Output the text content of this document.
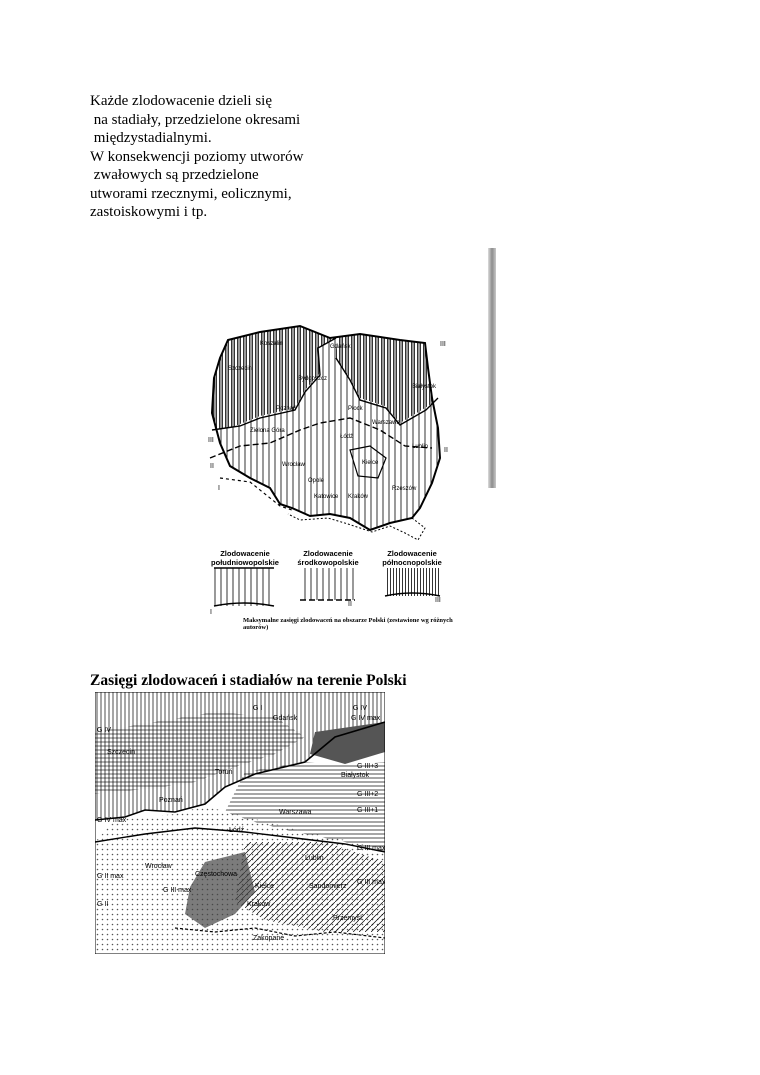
Każde zlodowacenie dzieli się
na stadiały, przedzielone okresami
międzystadialnymi.
W konsekwencji poziomy utworów
zwałowych są przedzielone
utworami rzecznymi, eolicznymi,
zastoiskowymi i tp.
Koszalin
Szczecin
Gdańsk
Bydgoszcz
Białystok
Poznań	Płock
Warszawa
Łódź
Lublin
Wrocław
Opole
Kielce
Katowice Kraków
Rzeszów
Zielona Góra
III
III
II
II
I
I
II
III
Zlodowacenie
południowopolskie
Zlodowacenie
środkowopolskie
Zlodowacenie
północnopolskie
Maksymalne zasięgi zlodowaceń na obszarze Polski (zestawione wg różnych autorów)
Zasięgi zlodowaceń i stadiałów na terenie Polski
Gdańsk
Szczecin
Toruń	Białystok
Poznań
Warszawa
Łódź
Lublin
Wrocław
Częstochowa
Kielce	Sandomierz
Kraków
Przemyśl
Zakopane
G I
G IV max
G IV
G IV
G III+3
G III+2
G III+1
G III max
G IV max
G III max
G II max
G II
G III max
